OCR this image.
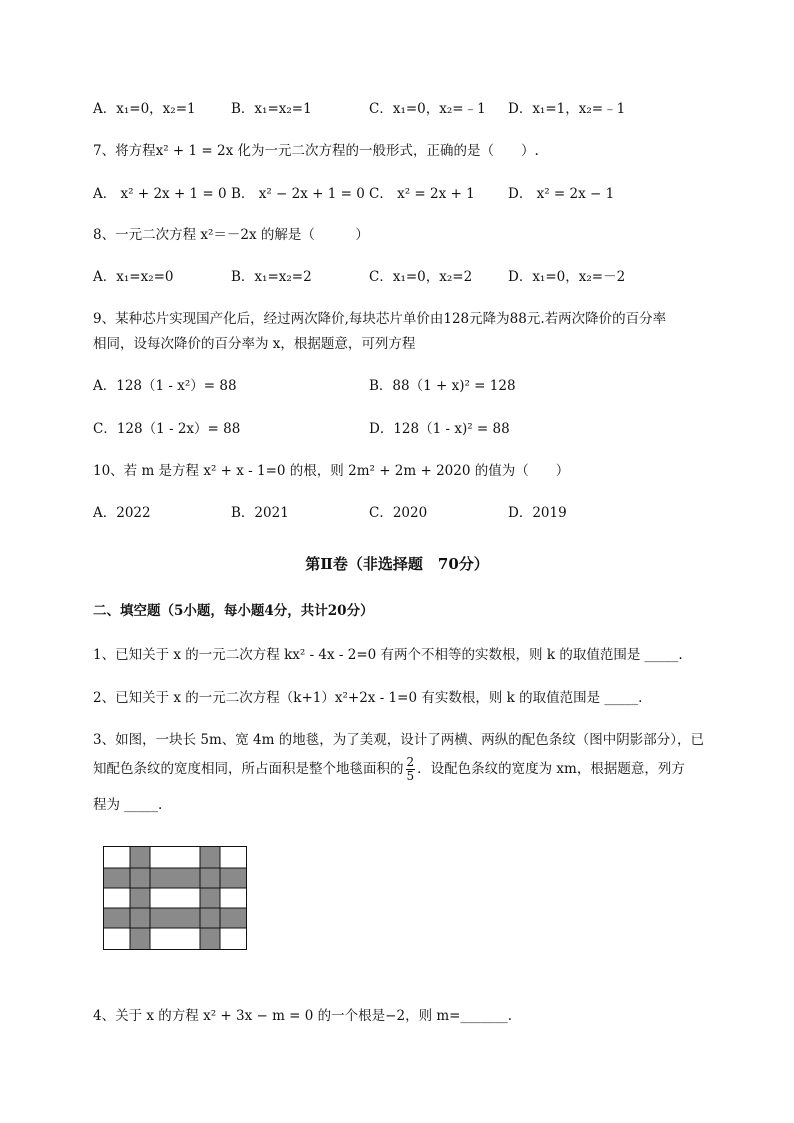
A．x₁=0，x₂=1	B．x₁=x₂=1	C．x₁=0，x₂=﹣1 D．x₁=1，x₂=﹣1
7、将方程x² + 1 = 2x 化为一元二次方程的一般形式，正确的是（　　）.
A． x² + 2x + 1 = 0 B． x² − 2x + 1 = 0 C． x² = 2x + 1 D． x² = 2x − 1
8、一元二次方程 x²＝－2x 的解是（　　　）
A．x₁=x₂=0	B．x₁=x₂=2	C．x₁=0，x₂=2	D．x₁=0，x₂=－2
9、某种芯片实现国产化后，经过两次降价,每块芯片单价由128元降为88元.若两次降价的百分率
相同，设每次降价的百分率为 x，根据题意，可列方程
A．128（1 - x²）= 88	B．88（1 + x)² = 128
C．128（1 - 2x）= 88	D．128（1 - x)² = 88
10、若 m 是方程 x² + x - 1=0 的根，则 2m² + 2m + 2020 的值为（　　）
A．2022	B．2021	C．2020	D．2019
第Ⅱ卷（非选择题　70分）
二、填空题（5小题，每小题4分，共计20分）
1、已知关于 x 的一元二次方程 kx² - 4x - 2=0 有两个不相等的实数根，则 k 的取值范围是 _____.
2、已知关于 x 的一元二次方程（k+1）x²+2x - 1=0 有实数根，则 k 的取值范围是 _____.
3、如图，一块长 5m、宽 4m 的地毯，为了美观，设计了两横、两纵的配色条纹（图中阴影部分），已
知配色条纹的宽度相同，所占面积是整个地毯面积的 $\frac{2}{5}$ ．设配色条纹的宽度为 xm，根据题意，列方
程为 _____.
4、关于 x 的方程 x² + 3x − m = 0 的一个根是−2，则 m=_______.
